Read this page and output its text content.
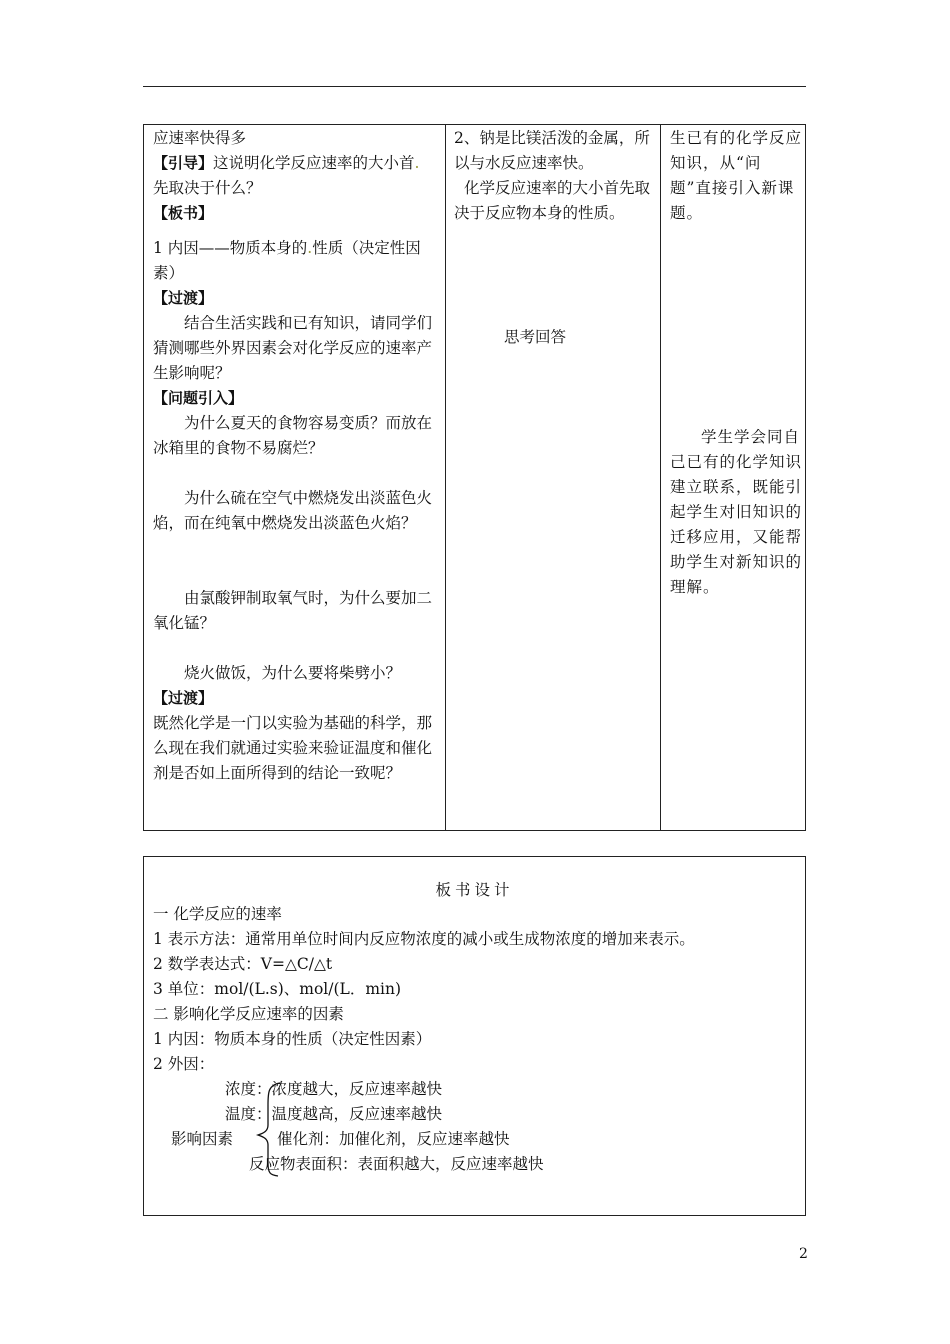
应速率快得多

【引导】这说明化学反应速率的大小首.
先取决于什么？

【板书】

1 内因——物质本身的.性质（决定性因素）

【过渡】

结合生活实践和已有知识，请同学们猜测哪些外界因素会对化学反应的速率产生影响呢？

【问题引入】

为什么夏天的食物容易变质？而放在冰箱里的食物不易腐烂？

为什么硫在空气中燃烧发出淡蓝色火焰，而在纯氧中燃烧发出淡蓝色火焰？

由氯酸钾制取氧气时，为什么要加二氧化锰？

烧火做饭，为什么要将柴劈小？

【过渡】

既然化学是一门以实验为基础的科学，那么现在我们就通过实验来验证温度和催化剂是否如上面所得到的结论一致呢？

2、钠是比镁活泼的金属，所以与水反应速率快。

化学反应速率的大小首先取决于反应物本身的性质。

思考回答

生已有的化学反应知识，从“问题”直接引入新课题。

学生学会同自己已有的化学知识建立联系，既能引起学生对旧知识的迁移应用，又能帮助学生对新知识的理解。

板书设计
一 化学反应的速率
1 表示方法：通常用单位时间内反应物浓度的减小或生成物浓度的增加来表示。
2 数学表达式：V=△C/△t
3 单位：mol/(L.s)、mol/(L．min)
二 影响化学反应速率的因素
1 内因：物质本身的性质（决定性因素）
2 外因：
浓度：浓度越大，反应速率越快
温度：温度越高，反应速率越快
影响因素	催化剂：加催化剂，反应速率越快
反应物表面积：表面积越大，反应速率越快
2
